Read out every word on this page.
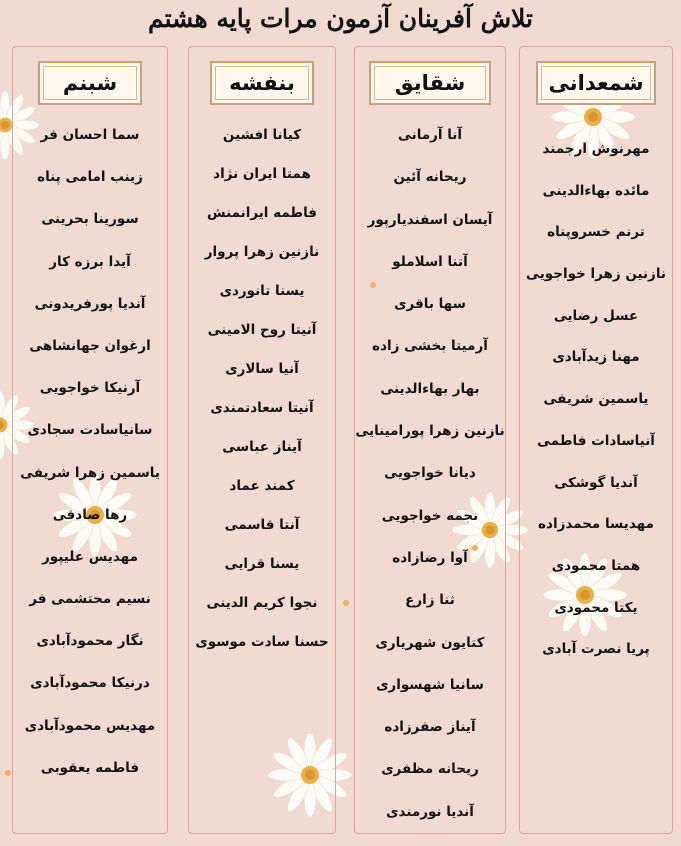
تلاش آفرینان آزمون مرات پایه هشتم
شبنم
سما احسان فر
زینب امامی پناه
سورینا بحرینی
آیدا برزه کار
آندیا پورفریدونی
ارغوان جهانشاهی
آرنیکا خواجویی
سانیاسادت سجادی
یاسمین زهرا شریفی
رها صادقی
مهدیس علیپور
نسیم محتشمی فر
نگار محمودآبادی
درنیکا محمودآبادی
مهدیس محمودآبادی
فاطمه یعقوبی
بنفشه
کیانا افشین
همتا ایران نژاد
فاطمه ایرانمنش
نازنین زهرا پروار
یسنا تانوردی
آنیتا روح الامینی
آنیا سالاری
آنیتا سعادتمندی
آیناز عباسی
کمند عماد
آنتا قاسمی
یسنا قرایی
نجوا کریم الدینی
حسنا سادت موسوی
شقایق
آنا آرمانی
ریحانه آئین
آیسان اسفندیارپور
آتنا اسلاملو
سها باقری
آرمیتا بخشی زاده
بهار بهاءالدینی
نازنین زهرا پورامینایی
دیانا خواجویی
نجمه خواجویی
آوا رضازاده
ثنا زارع
کتایون شهریاری
سانیا شهسواری
آیناز صفرزاده
ریحانه مظفری
آندیا نورمندی
شمعدانی
مهرنوش ارجمند
مائده بهاءالدینی
ترنم خسروپناه
نازنین زهرا خواجویی
عسل رضایی
مهنا زیدآبادی
یاسمین شریفی
آنیاسادات فاطمی
آندیا گوشکی
مهدیسا محمدزاده
همتا محمودی
یکتا محمودی
پریا نصرت آبادی
